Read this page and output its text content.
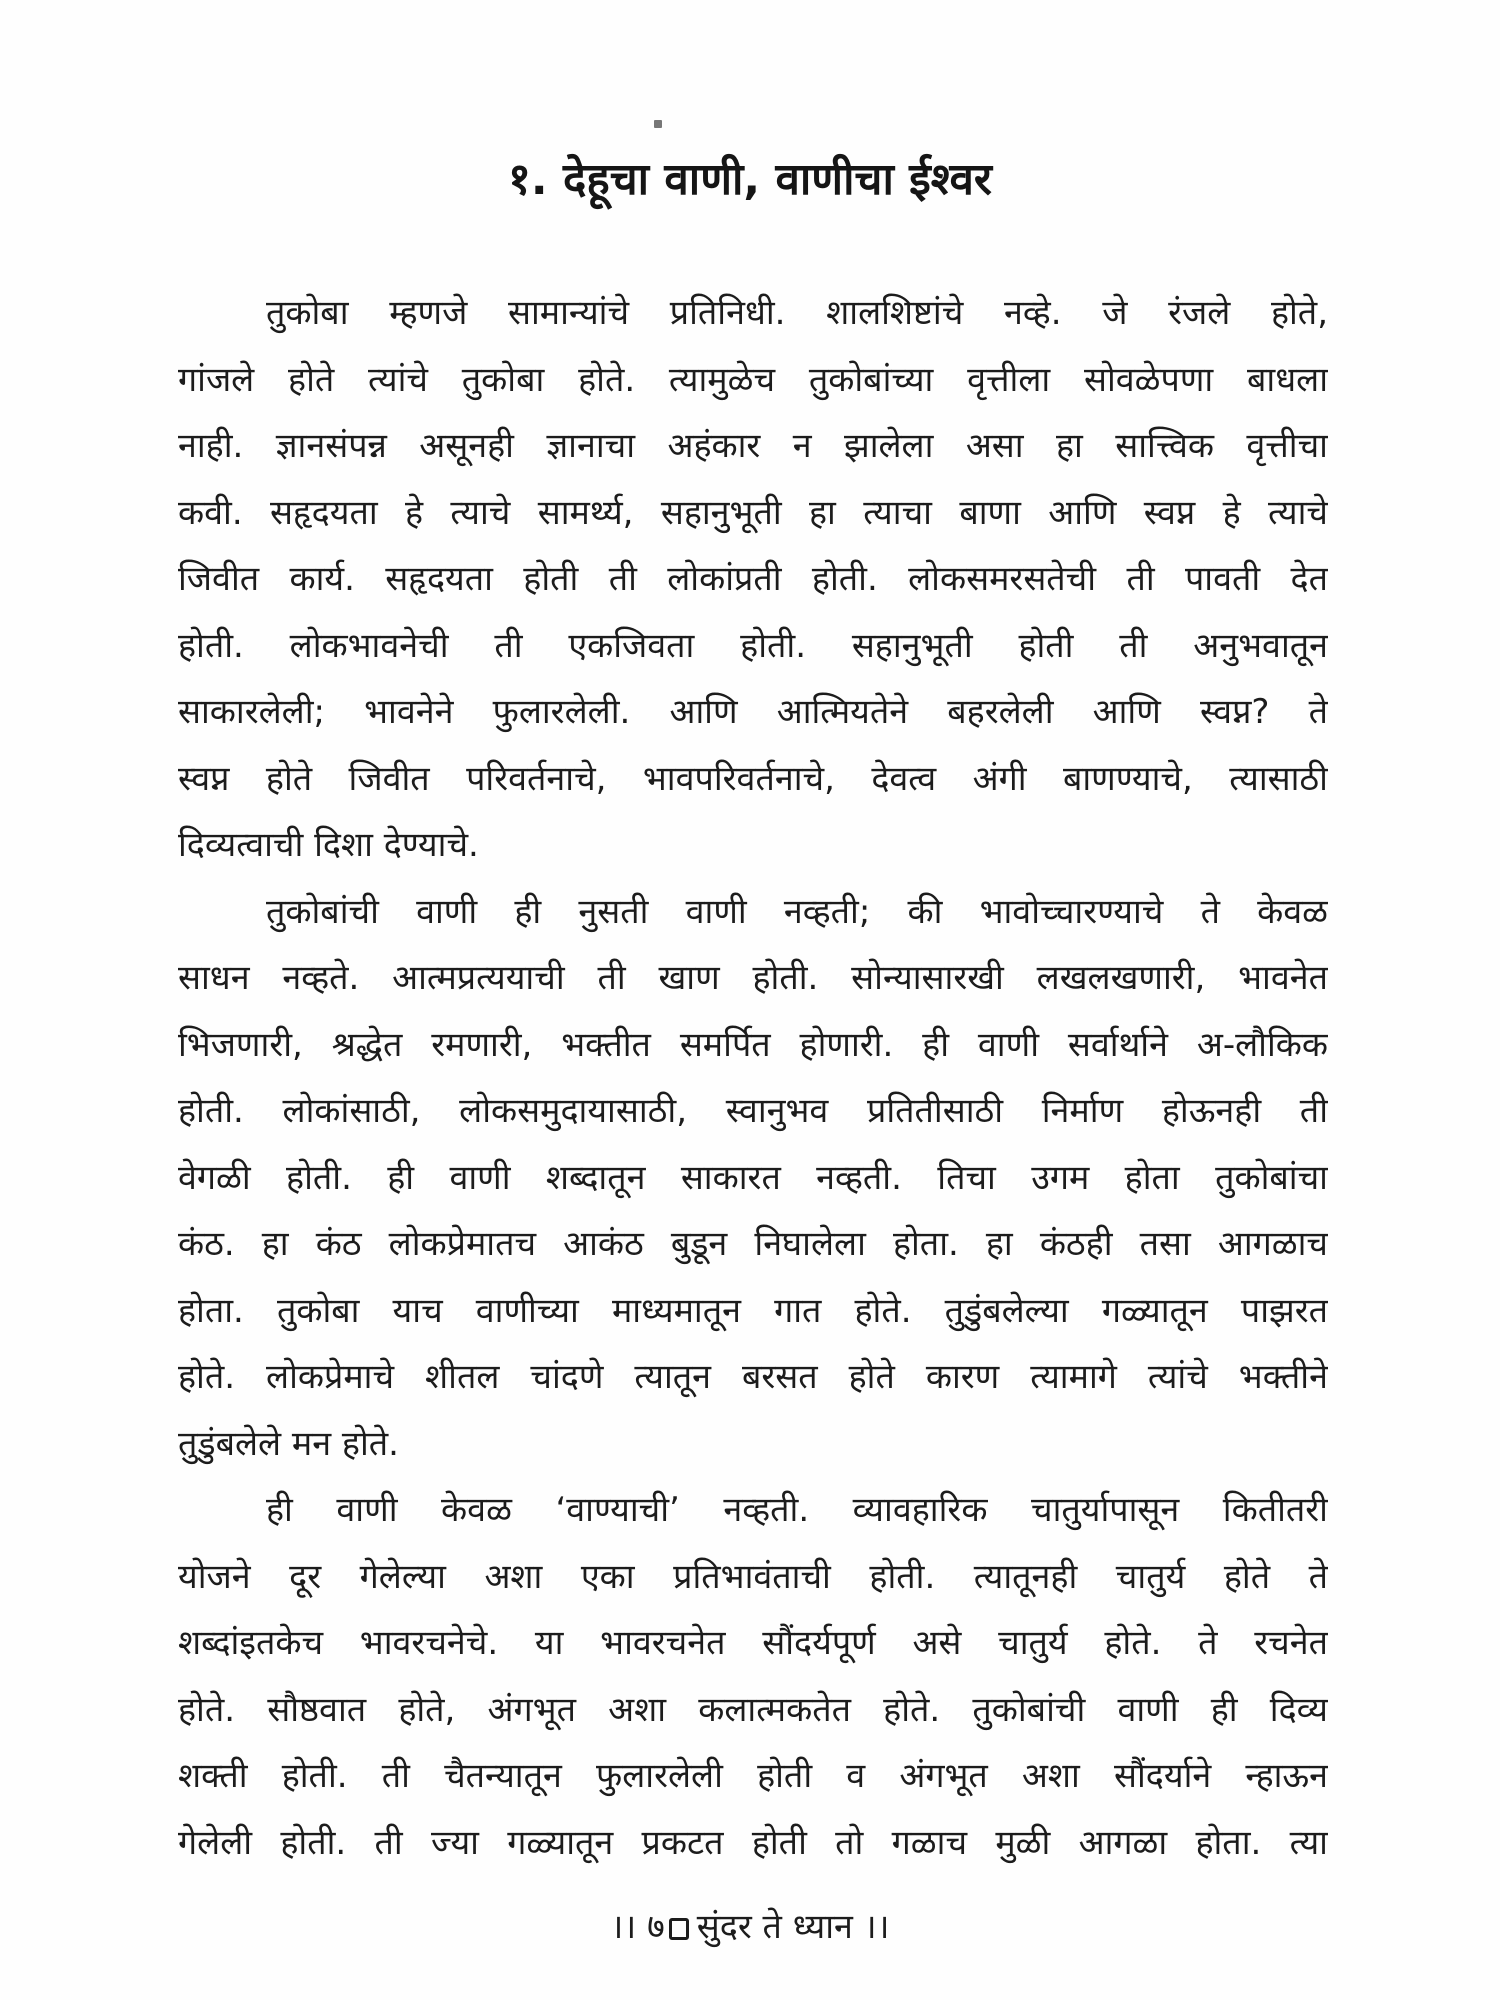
१. देहूचा वाणी, वाणीचा ईश्वर
तुकोबा म्हणजे सामान्यांचे प्रतिनिधी. शालशिष्टांचे नव्हे. जे रंजले होते,
गांजले होते त्यांचे तुकोबा होते. त्यामुळेच तुकोबांच्या वृत्तीला सोवळेपणा बाधला
नाही. ज्ञानसंपन्न असूनही ज्ञानाचा अहंकार न झालेला असा हा सात्त्विक वृत्तीचा
कवी. सहृदयता हे त्याचे सामर्थ्य, सहानुभूती हा त्याचा बाणा आणि स्वप्न हे त्याचे
जिवीत कार्य. सहृदयता होती ती लोकांप्रती होती. लोकसमरसतेची ती पावती देत
होती. लोकभावनेची ती एकजिवता होती. सहानुभूती होती ती अनुभवातून
साकारलेली; भावनेने फुलारलेली. आणि आत्मियतेने बहरलेली आणि स्वप्न? ते
स्वप्न होते जिवीत परिवर्तनाचे, भावपरिवर्तनाचे, देवत्व अंगी बाणण्याचे, त्यासाठी
दिव्यत्वाची दिशा देण्याचे.
तुकोबांची वाणी ही नुसती वाणी नव्हती; की भावोच्चारण्याचे ते केवळ
साधन नव्हते. आत्मप्रत्ययाची ती खाण होती. सोन्यासारखी लखलखणारी, भावनेत
भिजणारी, श्रद्धेत रमणारी, भक्तीत समर्पित होणारी. ही वाणी सर्वार्थाने अ-लौकिक
होती. लोकांसाठी, लोकसमुदायासाठी, स्वानुभव प्रतितीसाठी निर्माण होऊनही ती
वेगळी होती. ही वाणी शब्दातून साकारत नव्हती. तिचा उगम होता तुकोबांचा
कंठ. हा कंठ लोकप्रेमातच आकंठ बुडून निघालेला होता. हा कंठही तसा आगळाच
होता. तुकोबा याच वाणीच्या माध्यमातून गात होते. तुडुंबलेल्या गळ्यातून पाझरत
होते. लोकप्रेमाचे शीतल चांदणे त्यातून बरसत होते कारण त्यामागे त्यांचे भक्तीने
तुडुंबलेले मन होते.
ही वाणी केवळ ‘वाण्याची’ नव्हती. व्यावहारिक चातुर्यापासून कितीतरी
योजने दूर गेलेल्या अशा एका प्रतिभावंताची होती. त्यातूनही चातुर्य होते ते
शब्दांइतकेच भावरचनेचे. या भावरचनेत सौंदर्यपूर्ण असे चातुर्य होते. ते रचनेत
होते. सौष्ठवात होते, अंगभूत अशा कलात्मकतेत होते. तुकोबांची वाणी ही दिव्य
शक्ती होती. ती चैतन्यातून फुलारलेली होती व अंगभूत अशा सौंदर्याने न्हाऊन
गेलेली होती. ती ज्या गळ्यातून प्रकटत होती तो गळाच मुळी आगळा होता. त्या
।। ७ सुंदर ते ध्यान ।।
